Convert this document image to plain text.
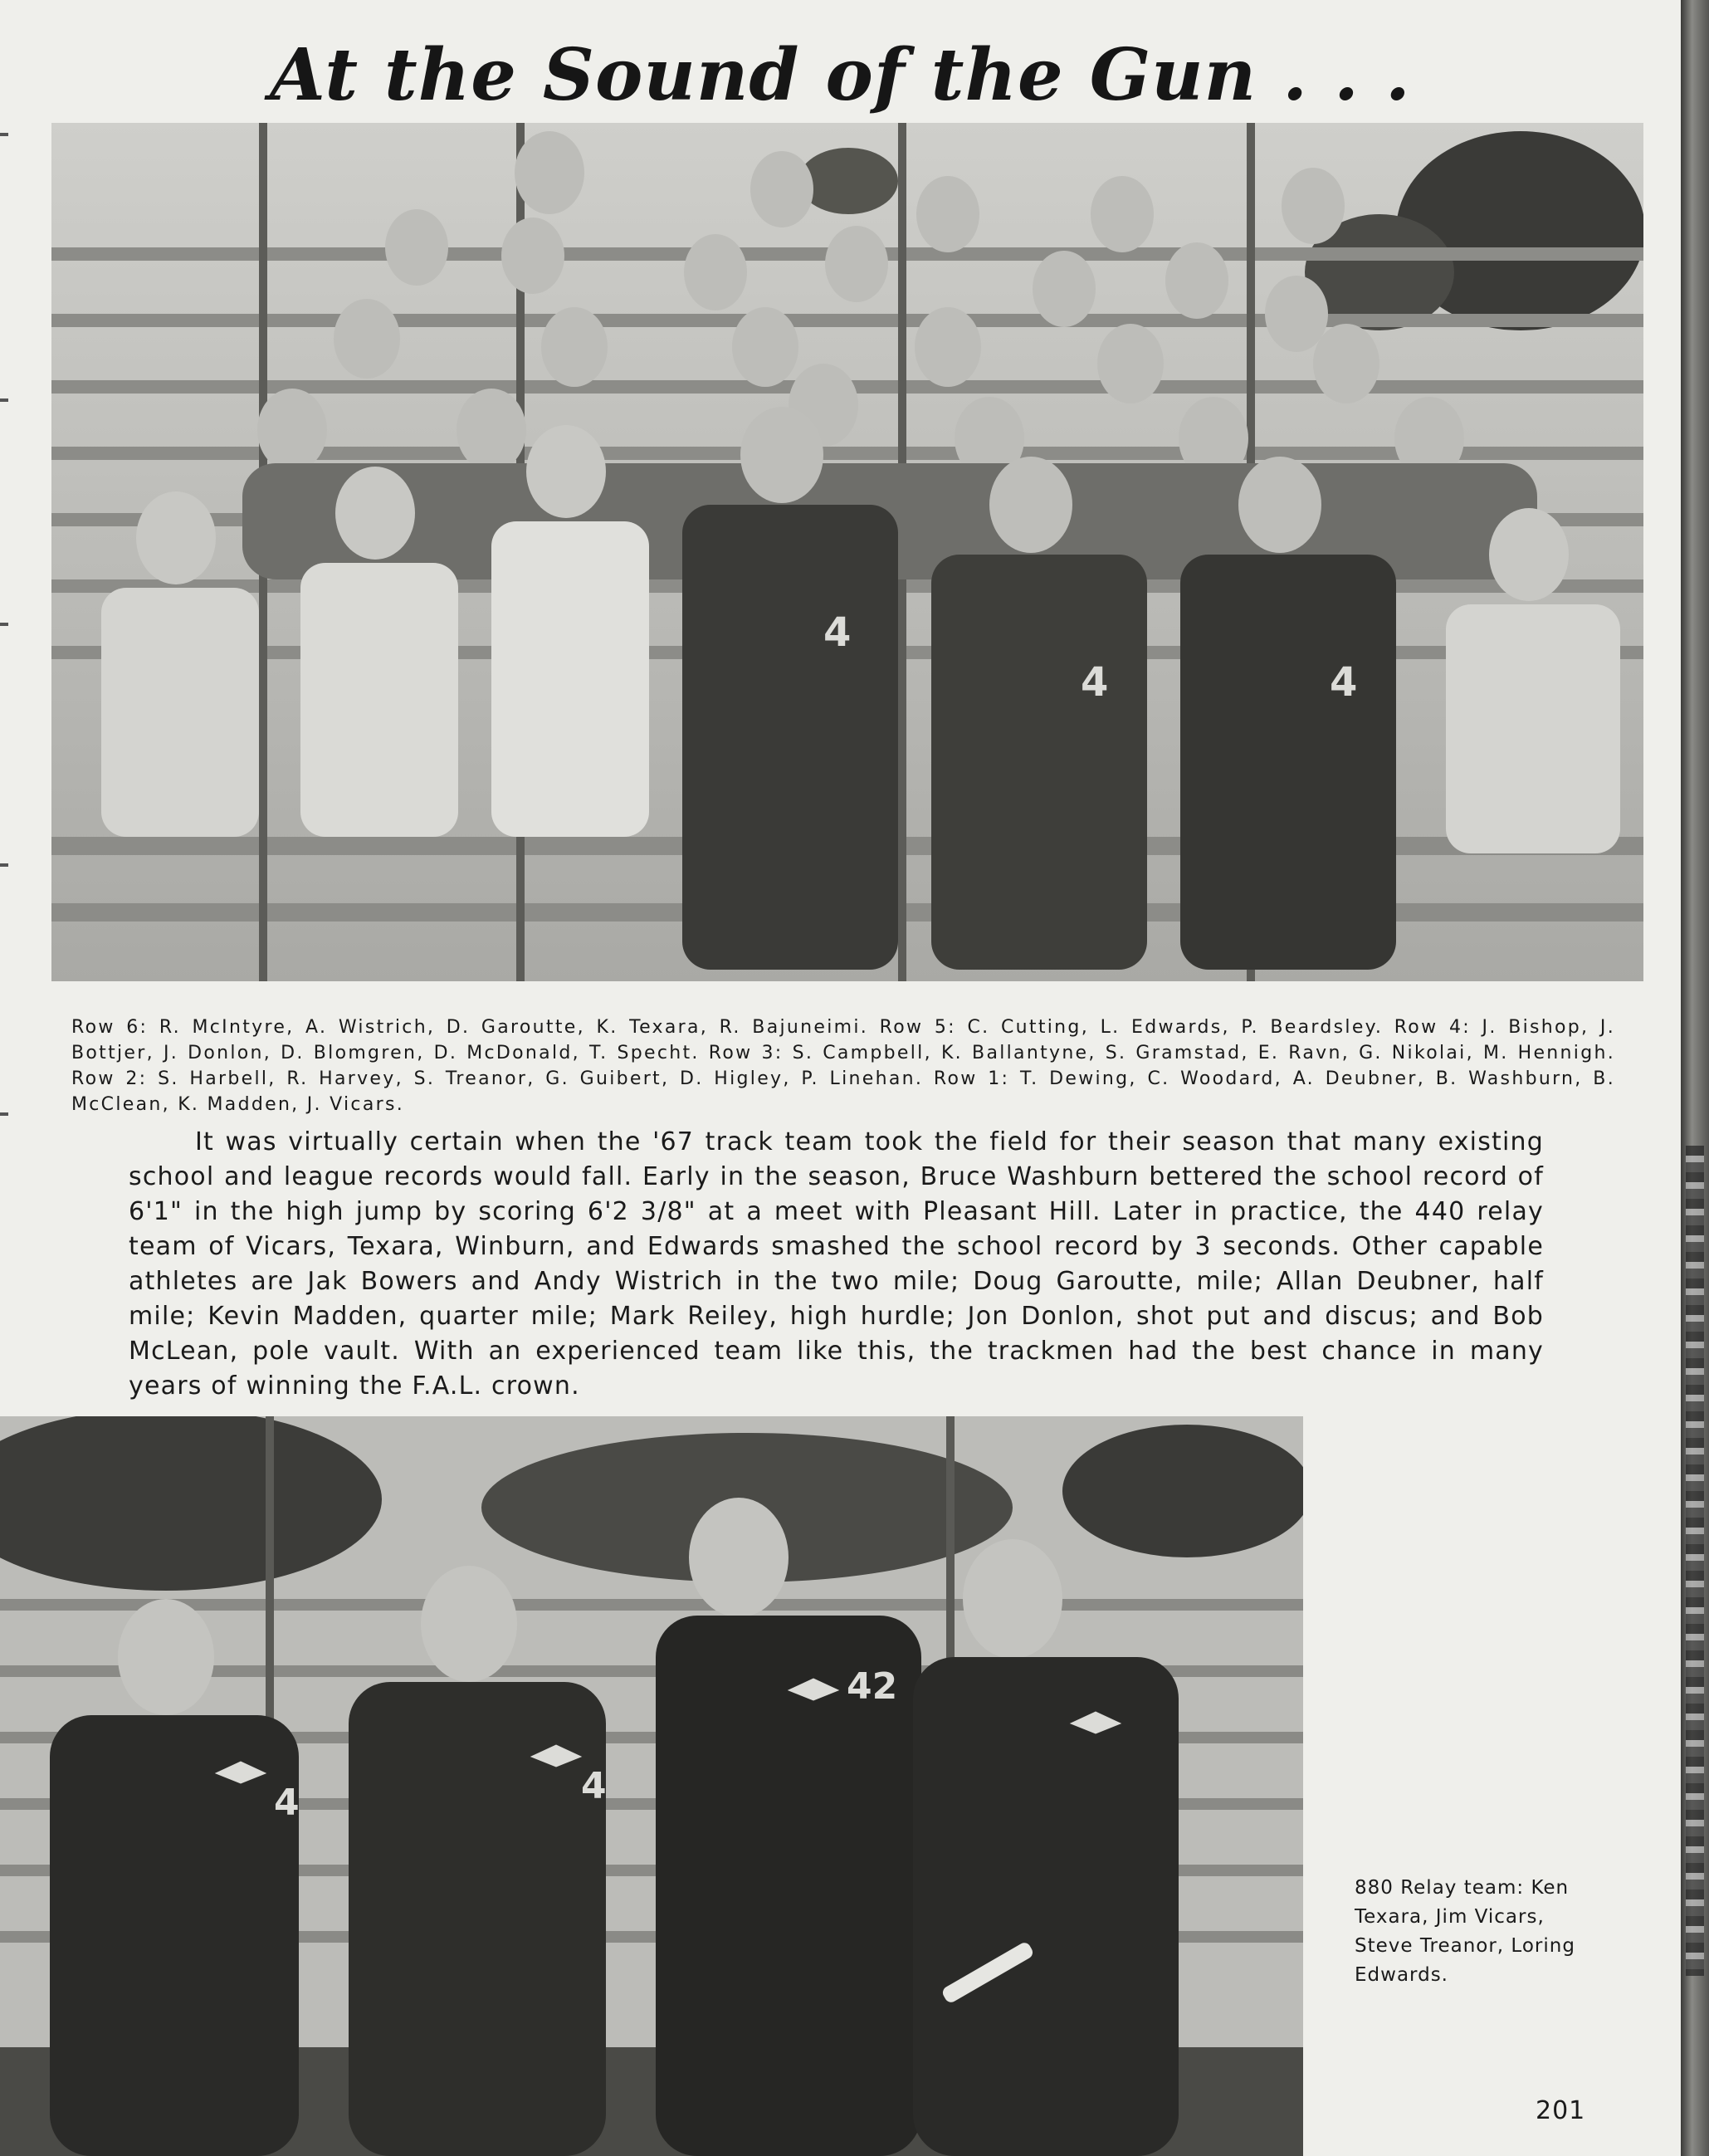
At the Sound of the Gun . . .
4
4	4

Row 6: R. McIntyre, A. Wistrich, D. Garoutte, K. Texara, R. Bajuneimi. Row 5: C. Cutting, L. Edwards, P. Beardsley. Row 4: J. Bishop, J. Bottjer, J. Donlon, D. Blomgren, D. McDonald, T. Specht. Row 3: S. Campbell, K. Ballantyne, S. Gramstad, E. Ravn, G. Nikolai, M. Hennigh. Row 2: S. Harbell, R. Harvey, S. Treanor, G. Guibert, D. Higley, P. Linehan. Row 1: T. Dewing, C. Woodard, A. Deubner, B. Washburn, B. McClean, K. Madden, J. Vicars.

It was virtually certain when the '67 track team took the field for their season that many existing school and league records would fall. Early in the season, Bruce Washburn bettered the school record of 6'1" in the high jump by scoring 6'2 3/8" at a meet with Pleasant Hill. Later in practice, the 440 relay team of Vicars, Texara, Winburn, and Edwards smashed the school record by 3 seconds. Other capable athletes are Jak Bowers and Andy Wistrich in the two mile; Doug Garoutte, mile; Allan Deubner, half mile; Kevin Madden, quarter mile; Mark Reiley, high hurdle; Jon Donlon, shot put and discus; and Bob McLean, pole vault. With an experienced team like this, the trackmen had the best chance in many years of winning the F.A.L. crown.

4	4
42

880 Relay team: Ken Texara, Jim Vicars, Steve Treanor, Loring Edwards.

201
